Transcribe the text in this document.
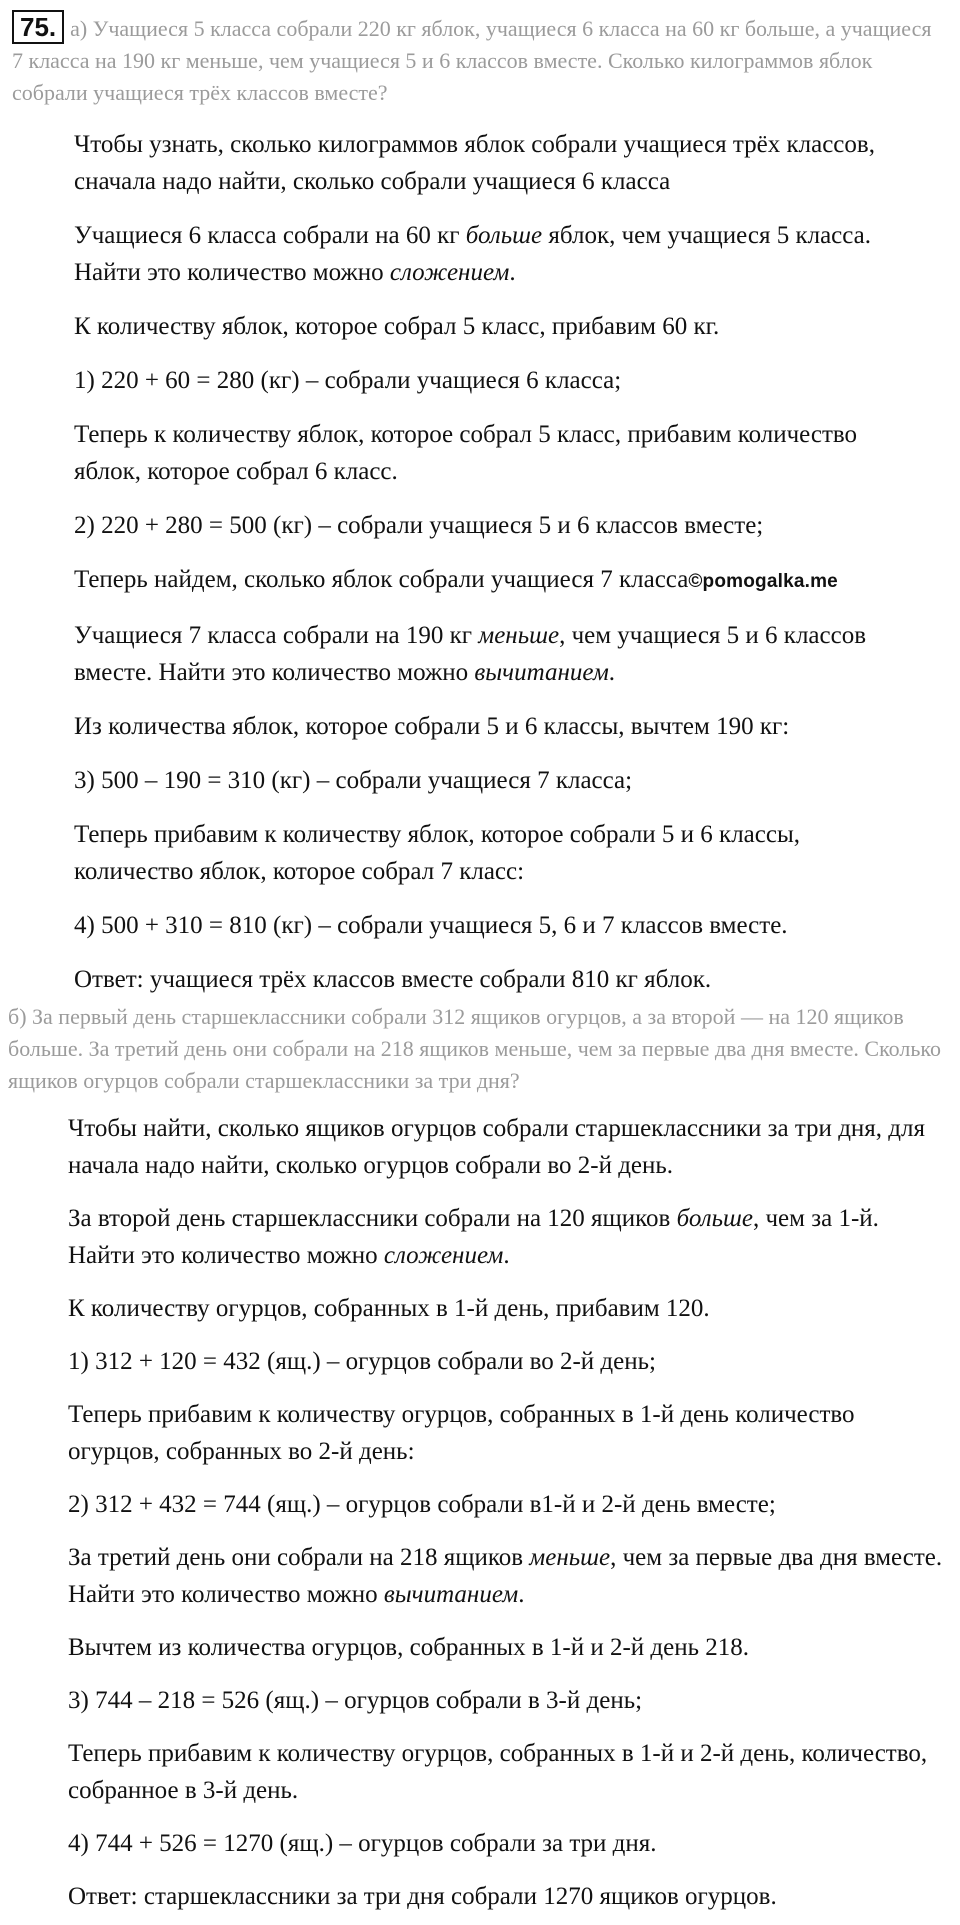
75. а) Учащиеся 5 класса собрали 220 кг яблок, учащиеся 6 класса на 60 кг больше, а учащиеся 7 класса на 190 кг меньше, чем учащиеся 5 и 6 классов вместе. Сколько килограммов яблок собрали учащиеся трёх классов вместе?

Чтобы узнать, сколько килограммов яблок собрали учащиеся трёх классов, сначала надо найти, сколько собрали учащиеся 6 класса

Учащиеся 6 класса собрали на 60 кг больше яблок, чем учащиеся 5 класса. Найти это количество можно сложением.

К количеству яблок, которое собрал 5 класс, прибавим 60 кг.

1) 220 + 60 = 280 (кг) – собрали учащиеся 6 класса;

Теперь к количеству яблок, которое собрал 5 класс, прибавим количество яблок, которое собрал 6 класс.

2) 220 + 280 = 500 (кг) – собрали учащиеся 5 и 6 классов вместе;

Теперь найдем, сколько яблок собрали учащиеся 7 класса©pomogalka.me

Учащиеся 7 класса собрали на 190 кг меньше, чем учащиеся 5 и 6 классов вместе. Найти это количество можно вычитанием.

Из количества яблок, которое собрали 5 и 6 классы, вычтем 190 кг:

3) 500 – 190 = 310 (кг) – собрали учащиеся 7 класса;

Теперь прибавим к количеству яблок, которое собрали 5 и 6 классы, количество яблок, которое собрал 7 класс:

4) 500 + 310 = 810 (кг) – собрали учащиеся 5, 6 и 7 классов вместе.

Ответ: учащиеся трёх классов вместе собрали 810 кг яблок.

б) За первый день старшеклассники собрали 312 ящиков огурцов, а за второй — на 120 ящиков больше. За третий день они собрали на 218 ящиков меньше, чем за первые два дня вместе. Сколько ящиков огурцов собрали старшеклассники за три дня?

Чтобы найти, сколько ящиков огурцов собрали старшеклассники за три дня, для начала надо найти, сколько огурцов собрали во 2-й день.

За второй день старшеклассники собрали на 120 ящиков больше, чем за 1-й. Найти это количество можно сложением.

К количеству огурцов, собранных в 1-й день, прибавим 120.

1) 312 + 120 = 432 (ящ.) – огурцов собрали во 2-й день;

Теперь прибавим к количеству огурцов, собранных в 1-й день количество огурцов, собранных во 2-й день:

2) 312 + 432 = 744 (ящ.) – огурцов собрали в1-й и 2-й день вместе;

За третий день они собрали на 218 ящиков меньше, чем за первые два дня вместе. Найти это количество можно вычитанием.

Вычтем из количества огурцов, собранных в 1-й и 2-й день 218.

3) 744 – 218 = 526 (ящ.) – огурцов собрали в 3-й день;

Теперь прибавим к количеству огурцов, собранных в 1-й и 2-й день, количество, собранное в 3-й день.

4) 744 + 526 = 1270 (ящ.) – огурцов собрали за три дня.

Ответ: старшеклассники за три дня собрали 1270 ящиков огурцов.
